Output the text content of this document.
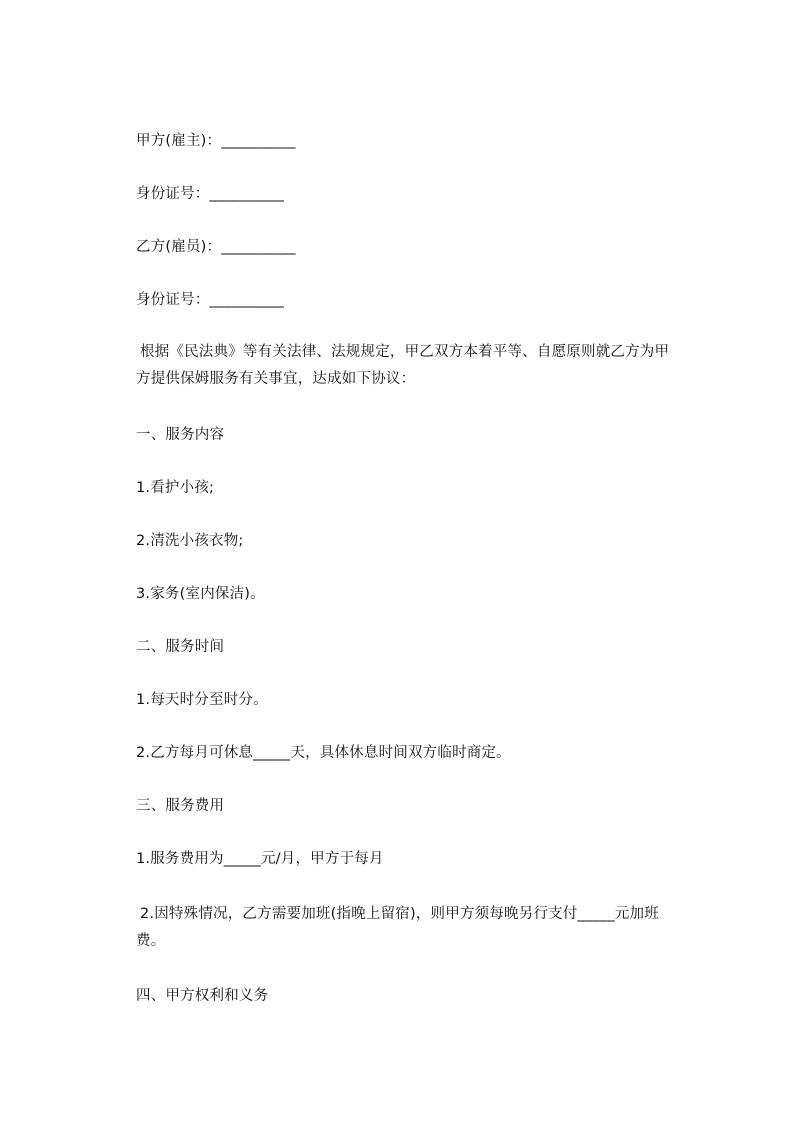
甲方(雇主)：__________
身份证号：__________
乙方(雇员)：__________
身份证号：__________
根据《民法典》等有关法律、法规规定，甲乙双方本着平等、自愿原则就乙方为甲方提供保姆服务有关事宜，达成如下协议：
一、服务内容
1.看护小孩;
2.清洗小孩衣物;
3.家务(室内保洁)。
二、服务时间
1.每天时分至时分。
2.乙方每月可休息_____天，具体休息时间双方临时商定。
三、服务费用
1.服务费用为_____元/月，甲方于每月
2.因特殊情况，乙方需要加班(指晚上留宿)，则甲方须每晚另行支付_____元加班费。
四、甲方权利和义务
